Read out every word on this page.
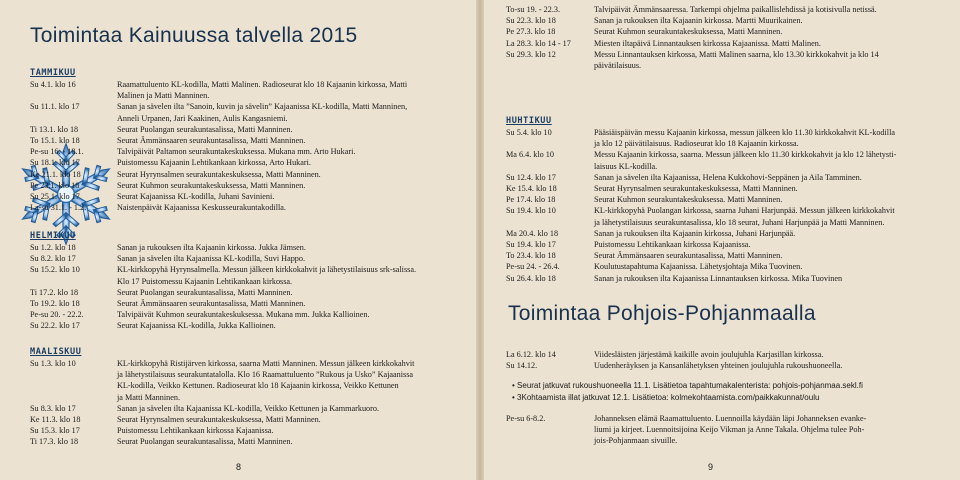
Toimintaa Kainuussa talvella 2015
8
TAMMIKUU
Su 4.1. klo 16	Raamattuluento KL-kodilla, Matti Malinen. Radioseurat klo 18 Kajaanin kirkossa, Matti
Malinen ja Matti Manninen.
Su 11.1. klo 17	Sanan ja sävelen ilta ”Sanoin, kuvin ja sävelin” Kajaanissa KL-kodilla, Matti Manninen,
Anneli Urpanen, Jari Kaakinen, Aulis Kangasniemi.
Ti 13.1. klo 18	Seurat Puolangan seurakuntasalissa, Matti Manninen.
To 15.1. klo 18	Seurat Ämmänsaaren seurakuntasalissa, Matti Manninen.
Pe-su 16. - 18.1.	Talvipäivät Paltamon seurakuntakeskuksessa. Mukana mm. Arto Hukari.
Su 18.1. klo 17	Puistomessu Kajaanin Lehtikankaan kirkossa, Arto Hukari.
Ke 21.1. klo 18	Seurat Hyrynsalmen seurakuntakeskuksessa, Matti Manninen.
Pe 23.1. klo 18	Seurat Kuhmon seurakuntakeskuksessa, Matti Manninen.
Su 25.1. klo 17	Seurat Kajaanissa KL-kodilla, Juhani Savinieni.
La-su 31.1. - 1.2.	Naistenpäivät Kajaanissa Keskusseurakuntakodilla.
HELMIKUU
Su 1.2. klo 18	Sanan ja rukouksen ilta Kajaanin kirkossa. Jukka Jämsen.
Su 8.2. klo 17	Sanan ja sävelen ilta Kajaanissa KL-kodilla, Suvi Happo.
Su 15.2. klo 10	KL-kirkkopyhä Hyrynsalmella. Messun jälkeen kirkkokahvit ja lähetystilaisuus srk-salissa.
Klo 17 Puistomessu Kajaanin Lehtikankaan kirkossa.
Ti 17.2. klo 18	Seurat Puolangan seurakuntasalissa, Matti Manninen.
To 19.2. klo 18	Seurat Ämmänsaaren seurakuntasalissa, Matti Manninen.
Pe-su 20. - 22.2.	Talvipäivät Kuhmon seurakuntakeskuksessa. Mukana mm. Jukka Kallioinen.
Su 22.2. klo 17	Seurat Kajaanissa KL-kodilla, Jukka Kallioinen.
MAALISKUU
Su 1.3. klo 10	KL-kirkkopyhä Ristijärven kirkossa, saarna Matti Manninen. Messun jälkeen kirkkokahvit
ja lähetystilaisuus seurakuntatalolla. Klo 16 Raamattuluento ”Rukous ja Usko” Kajaanissa
KL-kodilla, Veikko Kettunen. Radioseurat klo 18 Kajaanin kirkossa, Veikko Kettunen
ja Matti Manninen.
Su 8.3. klo 17	Sanan ja sävelen ilta Kajaanissa KL-kodilla, Veikko Kettunen ja Kammarkuoro.
Ke 11.3. klo 18	Seurat Hyrynsalmen seurakuntakeskuksessa, Matti Manninen.
Su 15.3. klo 17	Puistomessu Lehtikankaan kirkossa Kajaanissa.
Ti 17.3. klo 18	Seurat Puolangan seurakuntasalissa, Matti Manninen.
Toimintaa Pohjois-Pohjanmaalla
9
To-su 19. - 22.3.	Talvipäivät Ämmänsaaressa. Tarkempi ohjelma paikallislehdissä ja kotisivulla netissä.
Su 22.3. klo 18	Sanan ja rukouksen ilta Kajaanin kirkossa. Martti Muurikainen.
Pe 27.3. klo 18	Seurat Kuhmon seurakuntakeskuksessa, Matti Manninen.
La 28.3. klo 14 - 17	Miesten iltapäivä Linnantauksen kirkossa Kajaanissa. Matti Malinen.
Su 29.3. klo 12	Messu Linnantauksen kirkossa, Matti Malinen saarna, klo 13.30 kirkkokahvit ja klo 14
päivätilaisuus.
HUHTIKUU
Su 5.4. klo 10	Pääsiäispäivän messu Kajaanin kirkossa, messun jälkeen klo 11.30 kirkkokahvit KL-kodilla
ja klo 12 päivätilaisuus. Radioseurat klo 18 Kajaanin kirkossa.
Ma 6.4. klo 10	Messu Kajaanin kirkossa, saarna. Messun jälkeen klo 11.30 kirkkokahvit ja klo 12 lähetysti-
laisuus KL-kodilla.
Su 12.4. klo 17	Sanan ja sävelen ilta Kajaanissa, Helena Kukkohovi-Seppänen ja Aila Tamminen.
Ke 15.4. klo 18	Seurat Hyrynsalmen seurakuntakeskuksessa, Matti Manninen.
Pe 17.4. klo 18	Seurat Kuhmon seurakuntakeskuksessa. Matti Manninen.
Su 19.4. klo 10	KL-kirkkopyhä Puolangan kirkossa, saarna Juhani Harjunpää. Messun jälkeen kirkkokahvit
ja lähetystilaisuus seurakuntasalissa, klo 18 seurat, Juhani Harjunpää ja Matti Manninen.
Ma 20.4. klo 18	Sanan ja rukouksen ilta Kajaanin kirkossa, Juhani Harjunpää.
Su 19.4. klo 17	Puistomessu Lehtikankaan kirkossa Kajaanissa.
To 23.4. klo 18	Seurat Ämmänsaaren seurakuntasalissa, Matti Manninen.
Pe-su 24. - 26.4.	Koulutustapahtuma Kajaanissa. Lähetysjohtaja Mika Tuovinen.
Su 26.4. klo 18	Sanan ja rukouksen ilta Kajaanissa Linnantauksen kirkossa. Mika Tuovinen
La 6.12. klo 14	Viidesläisten järjestämä kaikille avoin joulujuhla Karjasillan kirkossa.
Su 14.12.	Uudenheräyksen ja Kansanlähetyksen yhteinen joulujuhla rukoushuoneella.
• Seurat jatkuvat rukoushuoneella 11.1. Lisätietoa tapahtumakalenterista: pohjois-pohjanmaa.sekl.fi
• 3Kohtaamista illat jatkuvat 12.1. Lisätietoa: kolmekohtaamista.com/paikkakunnat/oulu
Pe-su 6-8.2.	Johanneksen elämä Raamattuluento. Luennoilla käydään läpi Johanneksen evanke-
liumi ja kirjeet. Luennoitsijoina Keijo Vikman ja Anne Takala. Ohjelma tulee Poh-
jois-Pohjanmaan sivuille.
